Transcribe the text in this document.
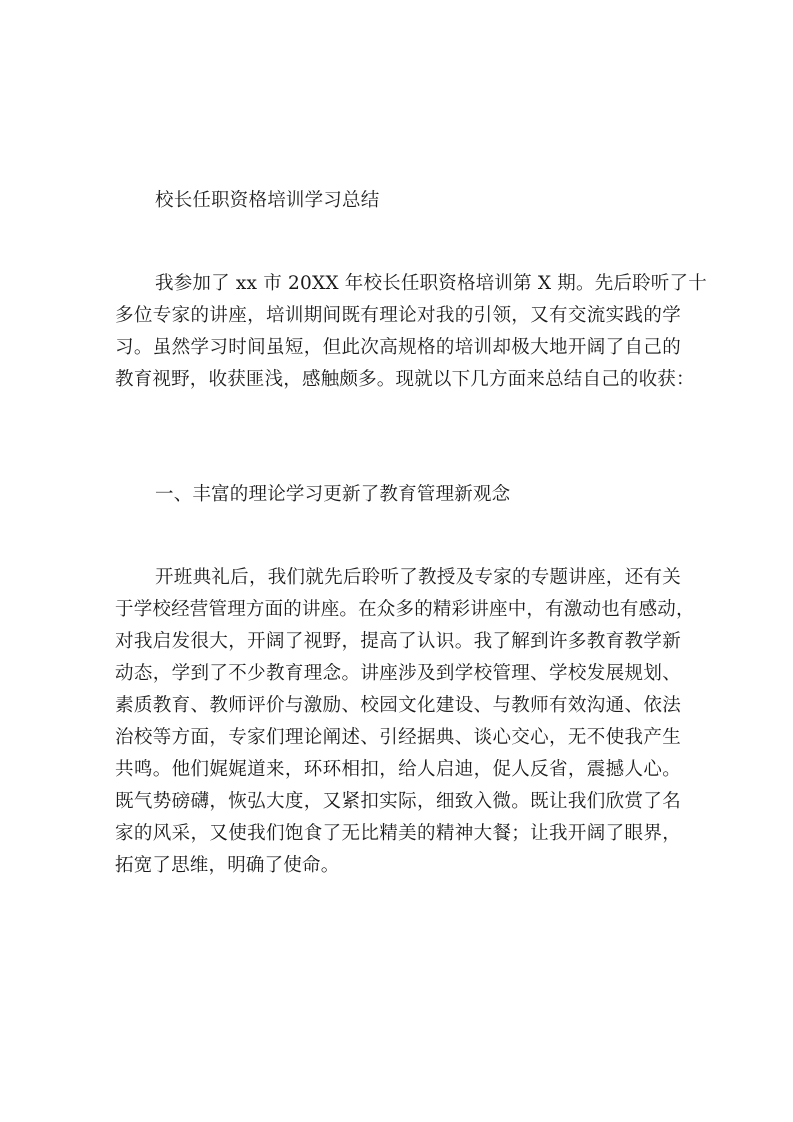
校长任职资格培训学习总结
我参加了 xx 市 20XX 年校长任职资格培训第 X 期。先后聆听了十
多位专家的讲座，培训期间既有理论对我的引领，又有交流实践的学
习。虽然学习时间虽短，但此次高规格的培训却极大地开阔了自己的
教育视野，收获匪浅，感触颇多。现就以下几方面来总结自己的收获：
一、丰富的理论学习更新了教育管理新观念
开班典礼后，我们就先后聆听了教授及专家的专题讲座，还有关
于学校经营管理方面的讲座。在众多的精彩讲座中，有激动也有感动，
对我启发很大，开阔了视野，提高了认识。我了解到许多教育教学新
动态，学到了不少教育理念。讲座涉及到学校管理、学校发展规划、
素质教育、教师评价与激励、校园文化建设、与教师有效沟通、依法
治校等方面，专家们理论阐述、引经据典、谈心交心，无不使我产生
共鸣。他们娓娓道来，环环相扣，给人启迪，促人反省，震撼人心。
既气势磅礴，恢弘大度，又紧扣实际，细致入微。既让我们欣赏了名
家的风采，又使我们饱食了无比精美的精神大餐；让我开阔了眼界，
拓宽了思维，明确了使命。
